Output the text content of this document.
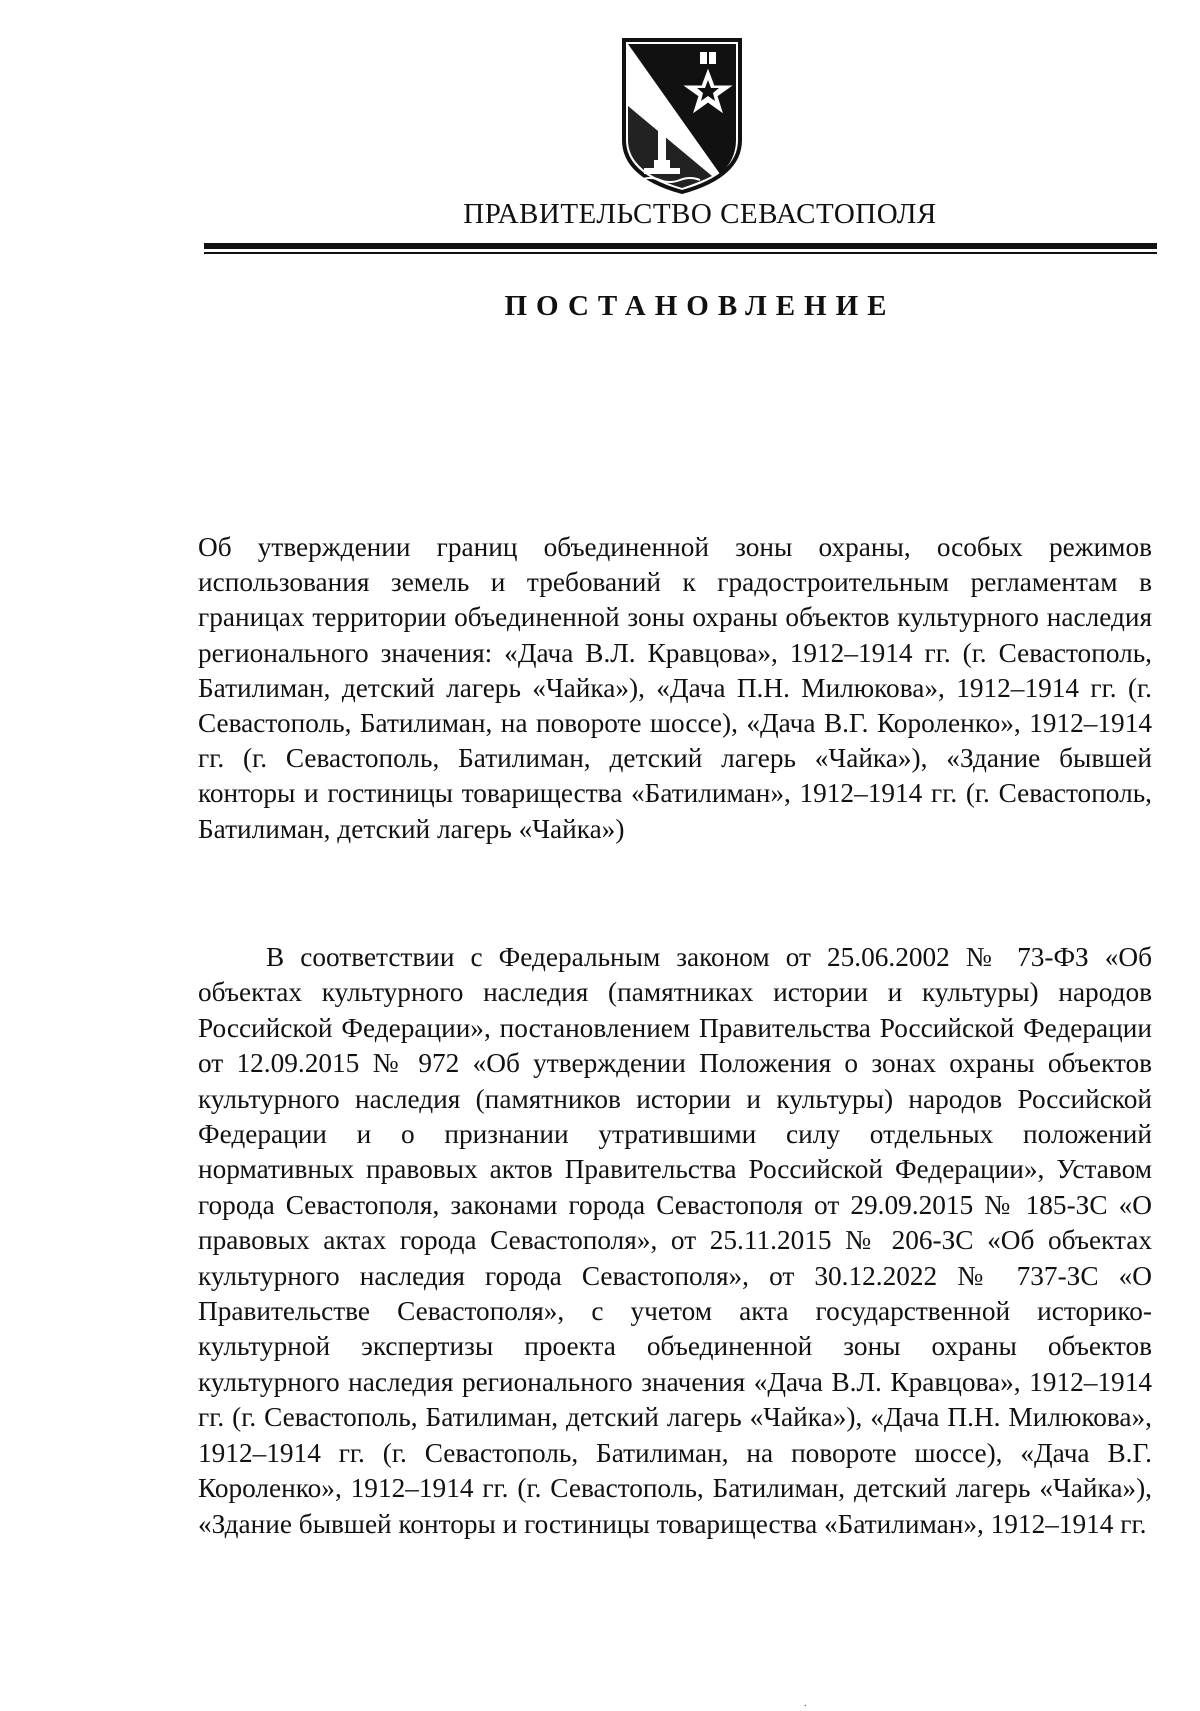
ПРАВИТЕЛЬСТВО СЕВАСТОПОЛЯ
ПОСТАНОВЛЕНИЕ

Об утверждении границ объединенной зоны охраны, особых режимов использования земель и требований к градостроительным регламентам в границах территории объединенной зоны охраны объектов культурного наследия регионального значения: «Дача В.Л. Кравцова», 1912–1914 гг. (г. Севастополь, Батилиман, детский лагерь «Чайка»), «Дача П.Н. Милюкова», 1912–1914 гг. (г. Севастополь, Батилиман, на повороте шоссе), «Дача В.Г. Короленко», 1912–1914 гг. (г. Севастополь, Батилиман, детский лагерь «Чайка»), «Здание бывшей конторы и гостиницы товарищества «Батилиман», 1912–1914 гг. (г. Севастополь, Батилиман, детский лагерь «Чайка»)

В соответствии с Федеральным законом от 25.06.2002 № 73-ФЗ «Об объектах культурного наследия (памятниках истории и культуры) народов Российской Федерации», постановлением Правительства Российской Федерации от 12.09.2015 № 972 «Об утверждении Положения о зонах охраны объектов культурного наследия (памятников истории и культуры) народов Российской Федерации и о признании утратившими силу отдельных положений нормативных правовых актов Правительства Российской Федерации», Уставом города Севастополя, законами города Севастополя от 29.09.2015 № 185-ЗС «О правовых актах города Севастополя», от 25.11.2015 № 206-ЗС «Об объектах культурного наследия города Севастополя», от 30.12.2022 № 737-ЗС «О Правительстве Севастополя», с учетом акта государственной историко-культурной экспертизы проекта объединенной зоны охраны объектов культурного наследия регионального значения «Дача В.Л. Кравцова», 1912–1914 гг. (г. Севастополь, Батилиман, детский лагерь «Чайка»), «Дача П.Н. Милюкова», 1912–1914 гг. (г. Севастополь, Батилиман, на повороте шоссе), «Дача В.Г. Короленко», 1912–1914 гг. (г. Севастополь, Батилиман, детский лагерь «Чайка»), «Здание бывшей конторы и гостиницы товарищества «Батилиман», 1912–1914 гг.

.
